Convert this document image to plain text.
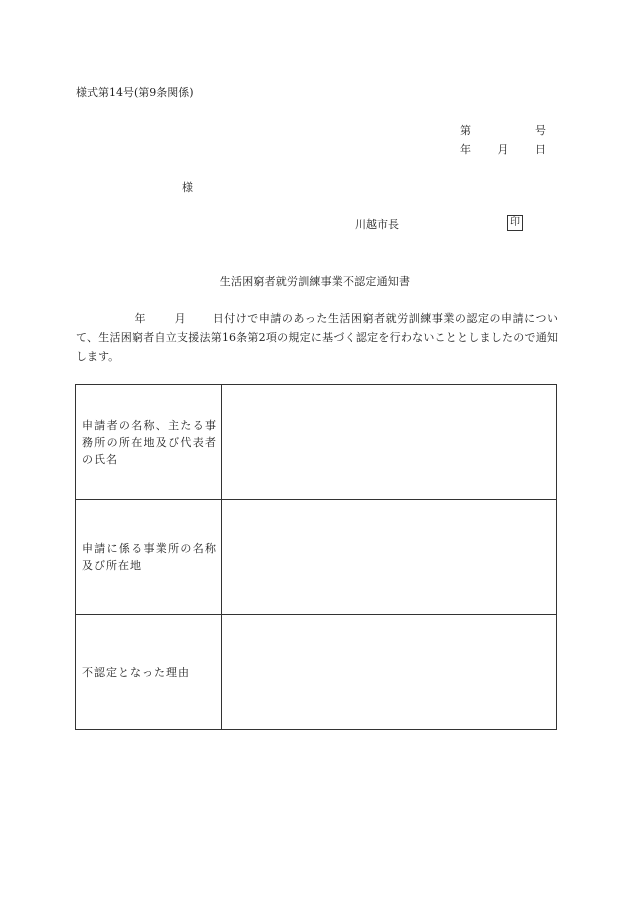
様式第14号(第9条関係)
第	号
年 月 日
様
川越市長	印
生活困窮者就労訓練事業不認定通知書
年	月 日付けで申請のあった生活困窮者就労訓練事業の認定の申請について、生活困窮者自立支援法第16条第2項の規定に基づく認定を行わないこととしましたので通知します。
申請者の名称、主たる事務所の所在地及び代表者の氏名	
申請に係る事業所の名称及び所在地	
不認定となった理由	
